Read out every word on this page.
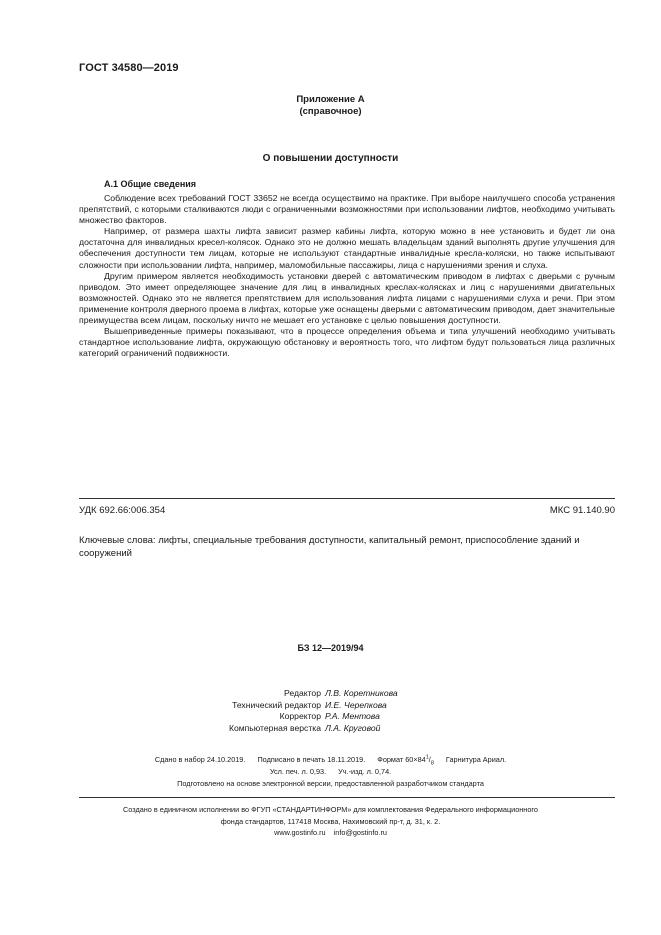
ГОСТ 34580—2019
Приложение А
(справочное)
О повышении доступности
А.1 Общие сведения

Соблюдение всех требований ГОСТ 33652 не всегда осуществимо на практике. При выборе наилучшего способа устранения препятствий, с которыми сталкиваются люди с ограниченными возможностями при использовании лифтов, необходимо учитывать множество факторов.

Например, от размера шахты лифта зависит размер кабины лифта, которую можно в нее установить и будет ли она достаточна для инвалидных кресел-колясок. Однако это не должно мешать владельцам зданий выполнять другие улучшения для обеспечения доступности тем лицам, которые не используют стандартные инвалидные кресла-коляски, но также испытывают сложности при использовании лифта, например, маломобильные пассажиры, лица с нарушениями зрения и слуха.

Другим примером является необходимость установки дверей с автоматическим приводом в лифтах с дверьми с ручным приводом. Это имеет определяющее значение для лиц в инвалидных креслах-колясках и лиц с нарушениями двигательных возможностей. Однако это не является препятствием для использования лифта лицами с нарушениями слуха и речи. При этом применение контроля дверного проема в лифтах, которые уже оснащены дверьми с автоматическим приводом, дает значительные преимущества всем лицам, поскольку ничто не мешает его установке с целью повышения доступности.

Вышеприведенные примеры показывают, что в процессе определения объема и типа улучшений необходимо учитывать стандартное использование лифта, окружающую обстановку и вероятность того, что лифтом будут пользоваться лица различных категорий ограничений подвижности.

УДК 692.66:006.354	МКС 91.140.90
Ключевые слова: лифты, специальные требования доступности, капитальный ремонт, приспособление зданий и сооружений
БЗ 12—2019/94
Редактор Л.В. Коретникова
Технический редактор И.Е. Черепкова
Корректор Р.А. Ментова
Компьютерная верстка Л.А. Круговой
Сдано в набор 24.10.2019. Подписано в печать 18.11.2019. Формат $60\times 84^1/_8$ Гарнитура Ариал.
Усл. печ. л. 0,93. Уч.-изд. л. 0,74.
Подготовлено на основе электронной версии, предоставленной разработчиком стандарта
Создано в единичном исполнении во ФГУП «СТАНДАРТИНФОРМ» для комплектования Федерального информационного
фонда стандартов, 117418 Москва, Нахимовский пр-т, д. 31, к. 2.
www.gostinfo.ru info@gostinfo.ru
